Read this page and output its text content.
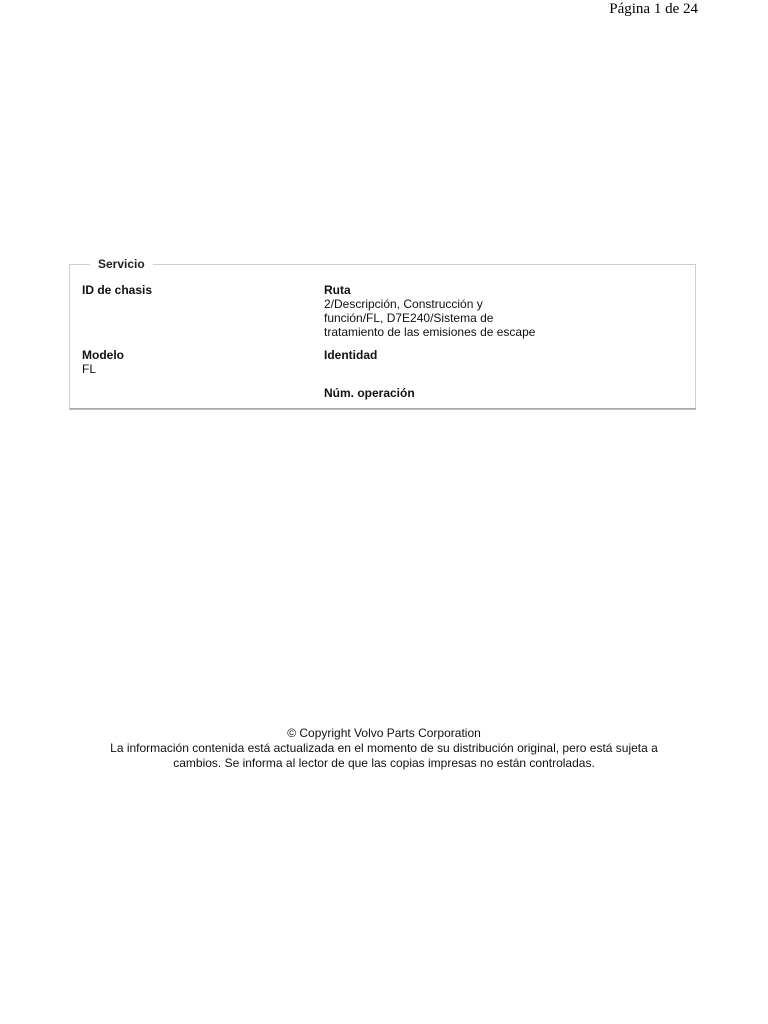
Página 1 de 24
Servicio
ID de chasis	Ruta
2/Descripción, Construcción y
función/FL, D7E240/Sistema de
tratamiento de las emisiones de escape
Modelo
FL
Identidad
Núm. operación
© Copyright Volvo Parts Corporation
La información contenida está actualizada en el momento de su distribución original, pero está sujeta a
cambios. Se informa al lector de que las copias impresas no están controladas.
